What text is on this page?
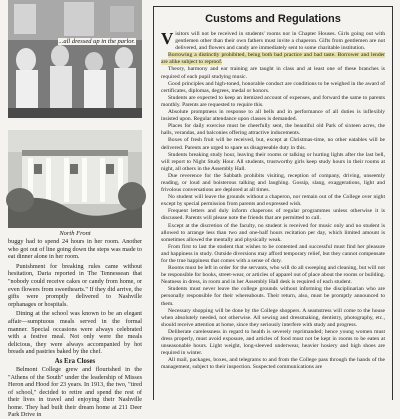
...all dressed up in the parlor.
North Front

buggy had to spend 24 hours in her room. Another who got out of line going down the steps was made to eat dinner alone in her room.

Punishment for breaking rules came without hesitation, Daria reported in The Tennessean that "nobody could receive cakes or candy from home, or even flowers from sweethearts." If they did arrive, the gifts were promptly delivered to Nashville orphanages or hospitals.

Dining at the school was known to be an elegant affair—sumptuous meals served in the formal manner. Special occasions were always celebrated with a festive meal. Not only were the meals delicious, they were always accompanied by hot breads and pastries baked by the chef.

As Era Closes

Belmont College grew and flourished in the "Athens of the South" under the leadership of Misses Heron and Hood for 23 years. In 1913, the two, "tired of school," decided to retire and spend the rest of their lives in travel and enjoying their Nashville home. They had built their dream home at 211 Deer Park Drive in

Customs and Regulations

Visitors will not be received in students' rooms nor in Chapter Houses. Girls going out with gentlemen other than their own fathers must invite a chaperon. Gifts from gentlemen are not delivered, and flowers and candy are immediately sent to some charitable institution.

Borrowing a distinctly prohibited, being both bad practice and bad taste. Borrower and lender are alike subject to reproof.

Theory, harmony and ear training are taught in class and at least one of these branches is required of each pupil studying music.

Good principles and high-toned, honorable conduct are conditions to be weighed in the award of certificates, diplomas, degrees, medal or honors.

Students are expected to keep an itemized account of expenses, and forward the same to parents monthly. Parents are requested to require this.

Absolute promptness in response to all bells and in performance of all duties is inflexibly insisted upon. Regular attendance upon classes is demanded.

Places for daily exercise must be cheerfully sent, the beautiful old Park of sixteen acres, the halls, verandas, and balconies offering attractive inducements.

Boxes of fresh fruit will be received, but, except at Christmas-time, no other eatables will be delivered. Parents are urged to spare us disagreeable duty in this.

Students breaking study hour, leaving their rooms or talking or hurting lights after the last bell, will report to Night Study Hour. All students, trustworthy girls keep study hours in their rooms at night, all others in the Assembly Hall.

Due reverence for the Sabbath prohibits visiting, reception of company, driving, unseemly reading, or loud and boisterous talking and laughing. Gossip, slang, exaggerations, light and frivolous conversations are deplored at all times.

No student will leave the grounds without a chaperon, nor remain out of the College over night except by special permission from parents and expressed wish.

Frequent letters and duly inform chaperons of regular programmes unless otherwise it is discussed. Parents will please note the friends that are permitted to call.

Except at the discretion of the faculty, no student is received for music only and no student is allowed to arrange less than two and one-half hours recitation per day, which limited amount is sometimes allowed the mentally and physically weak.

From first to last the student that wishes to be contented and successful must find her pleasure and happiness in study. Outside diversions may afford temporary relief, but they cannot compensate for the true happiness that comes with a sense of duty.

Rooms must be left in order for the servants, who will do all sweeping and cleaning, but will not be responsible for books, street-wear, or articles of apparel out of place about the rooms or building. Neatness in dress, in room and in her Assembly Hall desk is required of each student.

Students must never leave the college grounds without informing the disciplinarian who are personally responsible for their whereabouts. Their return, also, must be promptly announced to them.

Necessary shopping will be done by the College shoppers. A seamstress will come to the house when absolutely needed, not otherwise. All sewing and dressmaking, dentistry, photography, etc., should receive attention at home, since they seriously interfere with study and progress.

Deliberate carelessness in regard to health is severely reprimanded; hence young women must dress properly, must avoid exposure, and articles of food must not be kept in rooms to be eaten at unseasonable hours. Light weight, long-sleeved underwear, heavier hosiery and high shoes are required in winter.

All mail, packages, boxes, and telegrams to and from the College pass through the hands of the management, subject to their inspection. Suspected communications are
